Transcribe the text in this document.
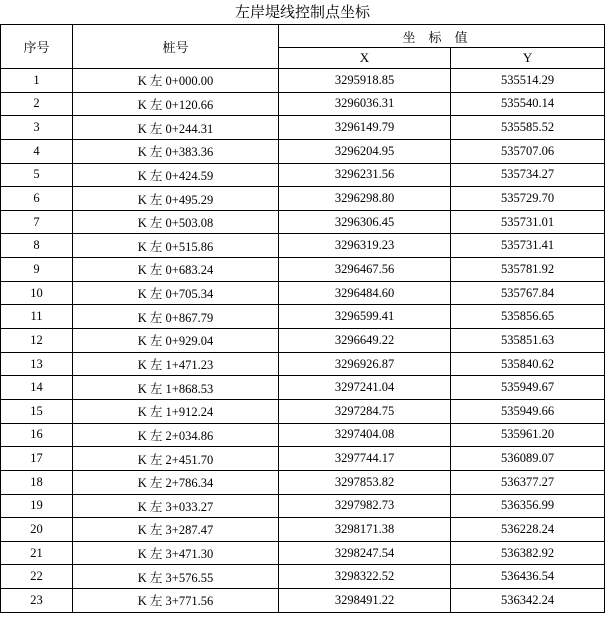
左岸堤线控制点坐标
序号	桩号	坐标值	
		X	Y
1	K 左 0+000.00	3295918.85	535514.29
2	K 左 0+120.66	3296036.31	535540.14
3	K 左 0+244.31	3296149.79	535585.52
4	K 左 0+383.36	3296204.95	535707.06
5	K 左 0+424.59	3296231.56	535734.27
6	K 左 0+495.29	3296298.80	535729.70
7	K 左 0+503.08	3296306.45	535731.01
8	K 左 0+515.86	3296319.23	535731.41
9	K 左 0+683.24	3296467.56	535781.92
10	K 左 0+705.34	3296484.60	535767.84
11	K 左 0+867.79	3296599.41	535856.65
12	K 左 0+929.04	3296649.22	535851.63
13	K 左 1+471.23	3296926.87	535840.62
14	K 左 1+868.53	3297241.04	535949.67
15	K 左 1+912.24	3297284.75	535949.66
16	K 左 2+034.86	3297404.08	535961.20
17	K 左 2+451.70	3297744.17	536089.07
18	K 左 2+786.34	3297853.82	536377.27
19	K 左 3+033.27	3297982.73	536356.99
20	K 左 3+287.47	3298171.38	536228.24
21	K 左 3+471.30	3298247.54	536382.92
22	K 左 3+576.55	3298322.52	536436.54
23	K 左 3+771.56	3298491.22	536342.24
